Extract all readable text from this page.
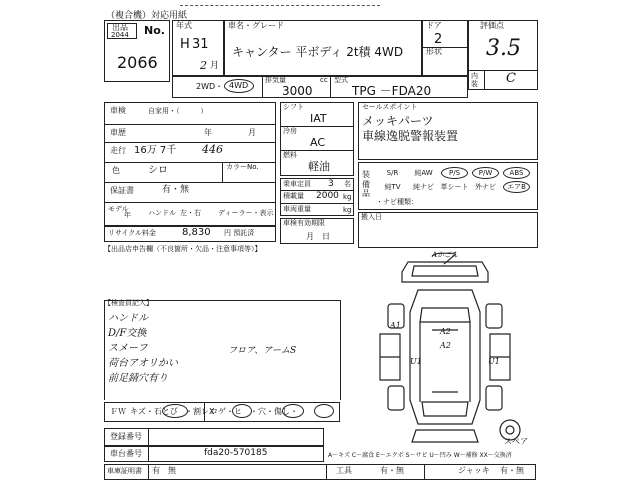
（複合機）対応用紙
出品
2044 No.
2066
年式
H 31
2 月
車名・グレード
キャンター 平ボディ 2t積 4WD
ドア
2
形状
評価点
3.5
内装 C
2WD・ 4WD
排気量	cc
3000
型式
TPG －FDA20
車検	自家用・（　　　）
車歴	年	月
走行 16万 7千 446
色	シロ	カラーNo.
保証書	有・無
モデル
年 ハンドル 左・右 ディーラー・表示
リサイクル料金	8,830 円 預託済
【出品店申告欄（不良箇所・欠品・注意事項等）】
シフト
IAT
冷房
AC
燃料
軽油
乗車定員 3 名
積載量 2000 kg
車両重量	kg
車検有効期限
月　日
セールスポイント
メッキパーツ
車線逸脱警報装置
装備品
S/R	純AW	P/S	P/W	ABS
純TV	純ナビ 革シート 外ナビ	エアB
・ナビ種類：
搬入日
【検査員記入】
ハンドル
D/F交換
スメーフ
荷台アオリかい
前足錆穴有り
フロア、アームS
ＦＷ キズ・石とび ・割レX
コゲ・ヒ ・穴・傷し・
Aかごん
A1
A2
A2
U1	U1
スペア
登録番号
車台番号	fda20-570185
車庫証明書 有　無	工具	有・無	ジャッキ 有・無
A～キズ C～腐食 E～エクボ S～サビ U～凹み W～補修 XX～交換済
